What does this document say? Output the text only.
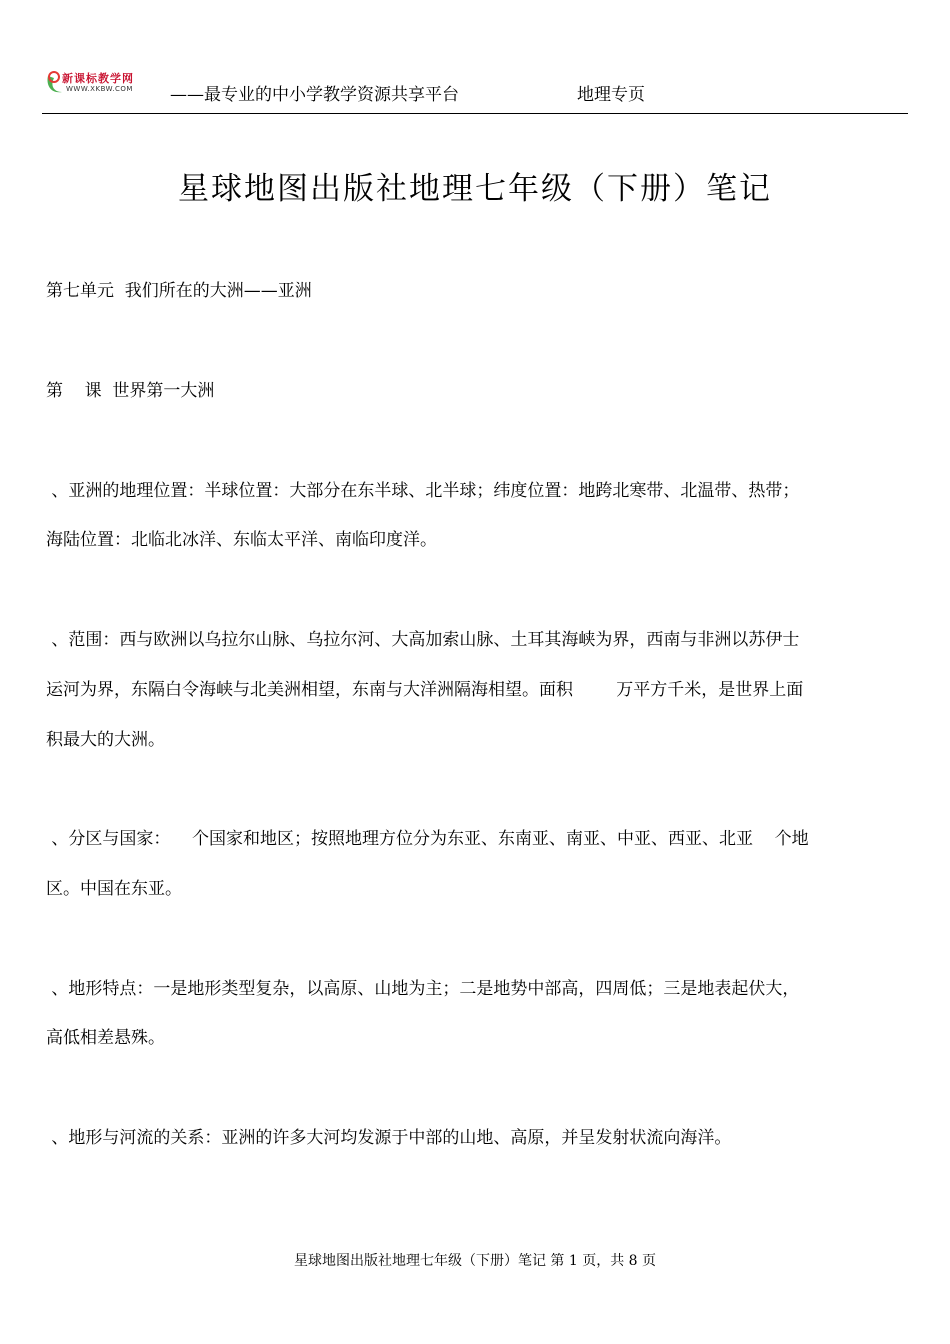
新课标教学网
WWW.XKBW.COM ——最专业的中小学教学资源共享平台	地理专页
星球地图出版社地理七年级（下册）笔记
第七单元  我们所在的大洲——亚洲
第    课  世界第一大洲
、亚洲的地理位置：半球位置：大部分在东半球、北半球；纬度位置：地跨北寒带、北温带、热带；
海陆位置：北临北冰洋、东临太平洋、南临印度洋。
、范围：西与欧洲以乌拉尔山脉、乌拉尔河、大高加索山脉、土耳其海峡为界，西南与非洲以苏伊士
运河为界，东隔白令海峡与北美洲相望，东南与大洋洲隔海相望。面积        万平方千米，是世界上面
积最大的大洲。
、分区与国家：    个国家和地区；按照地理方位分为东亚、东南亚、南亚、中亚、西亚、北亚    个地
区。中国在东亚。
、地形特点：一是地形类型复杂，以高原、山地为主；二是地势中部高，四周低；三是地表起伏大，
高低相差悬殊。
、地形与河流的关系：亚洲的许多大河均发源于中部的山地、高原，并呈发射状流向海洋。
星球地图出版社地理七年级（下册）笔记 第 1 页，共 8 页
